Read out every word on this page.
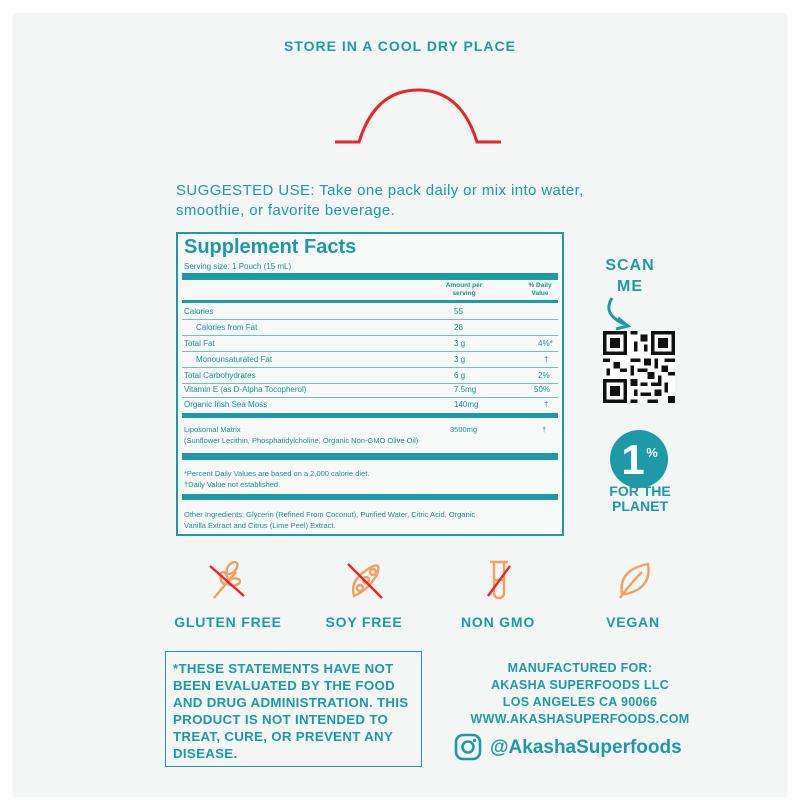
STORE IN A COOL DRY PLACE
SUGGESTED USE: Take one pack daily or mix into water, smoothie, or favorite beverage.
Supplement Facts
Serving size: 1 Pouch (15 mL)
Amount per serving
% Daily Value
Calories	55
Calories from Fat	28
Total Fat	3 g	4%*
Monounsaturated Fat	3 g	†
Total Carbohydrates	6 g	2%
Vitamin E (as D-Alpha Tocopherol)	7.5mg	50%
Organic Irish Sea Moss	140mg	†
Liposomal Matrix	3500mg	†
(Sunflower Lecithin, Phosphatidylcholine, Organic Non-GMO Olive Oil)
*Percent Daily Values are based on a 2,000 calorie diet.
†Daily Value not established.
Other Ingredients: Glycerin (Refined From Coconut), Purified Water, Citric Acid, Organic
Vanilla Extract and Citrus (Lime Peel) Extract.
SCAN
ME
1 %
FOR THE
PLANET
GLUTEN FREE	SOY FREE	NON GMO	VEGAN
*THESE STATEMENTS HAVE NOT BEEN EVALUATED BY THE FOOD AND DRUG ADMINISTRATION. THIS PRODUCT IS NOT INTENDED TO TREAT, CURE, OR PREVENT ANY DISEASE.
MANUFACTURED FOR:
AKASHA SUPERFOODS LLC
LOS ANGELES CA 90066
WWW.AKASHASUPERFOODS.COM
@AkashaSuperfoods
